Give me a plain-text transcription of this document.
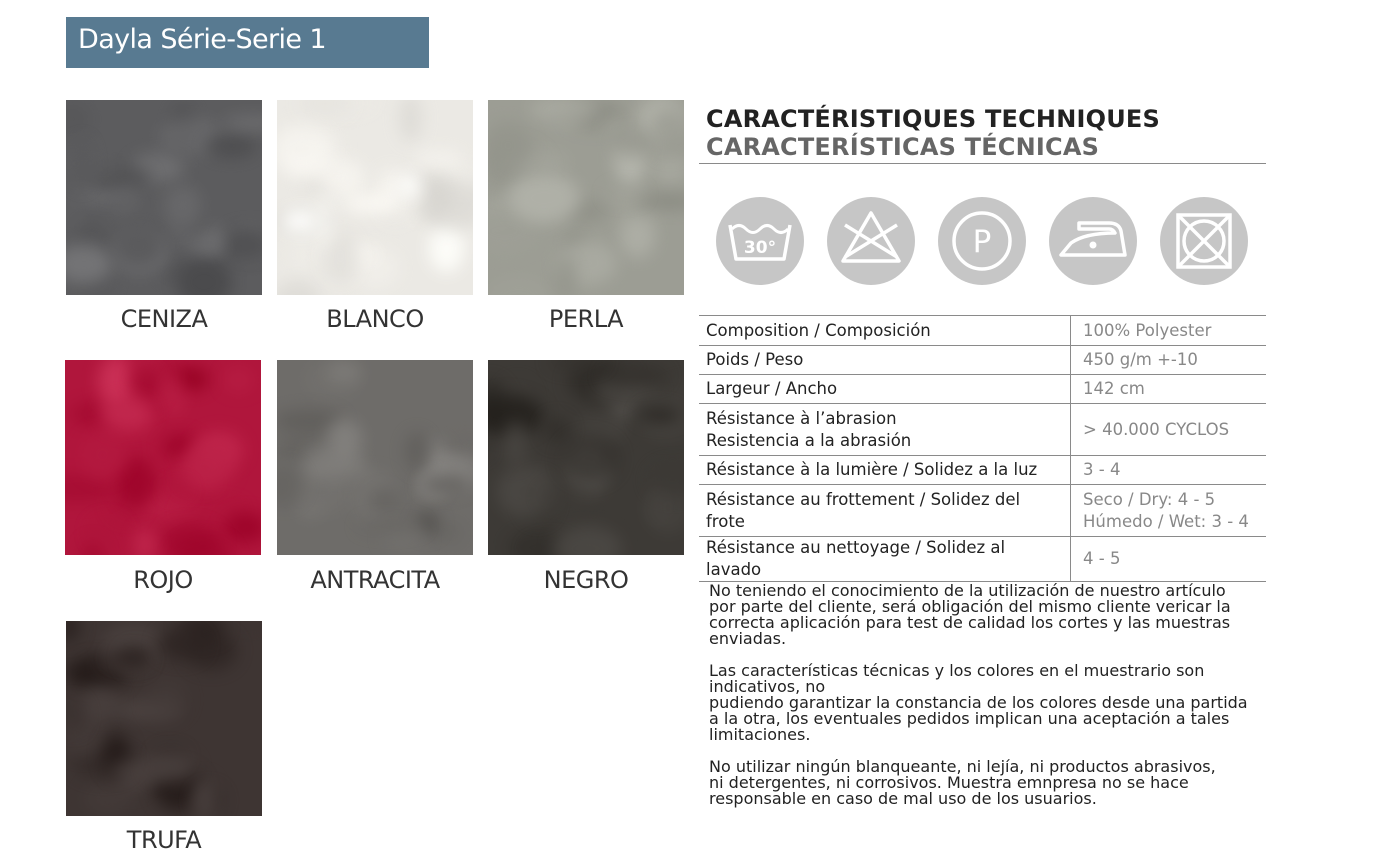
Dayla Série-Serie 1
CENIZA	BLANCO	PERLA
ROJO	ANTRACITA	NEGRO
TRUFA
CARACTÉRISTIQUES TECHNIQUES
CARACTERÍSTICAS TÉCNICAS
30°	P
Composition / Composición	100% Polyester
Poids / Peso	450 g/m +-10
Largeur / Ancho	142 cm

Résistance à l’abrasion
Resistencia a la abrasión	> 40.000 CYCLOS
Résistance à la lumière / Solidez a la luz	3 - 4
Résistance au frottement / Solidez del frote	Seco / Dry: 4 - 5
Húmedo / Wet: 3 - 4

Résistance au nettoyage / Solidez al lavado	4 - 5

No teniendo el conocimiento de la utilización de nuestro artículo
por parte del cliente, será obligación del mismo cliente vericar la
correcta aplicación para test de calidad los cortes y las muestras
enviadas.

Las características técnicas y los colores en el muestrario son
indicativos, no
pudiendo garantizar la constancia de los colores desde una partida
a la otra, los eventuales pedidos implican una aceptación a tales
limitaciones.

No utilizar ningún blanqueante, ni lejía, ni productos abrasivos,
ni detergentes, ni corrosivos. Muestra emnpresa no se hace
responsable en caso de mal uso de los usuarios.
